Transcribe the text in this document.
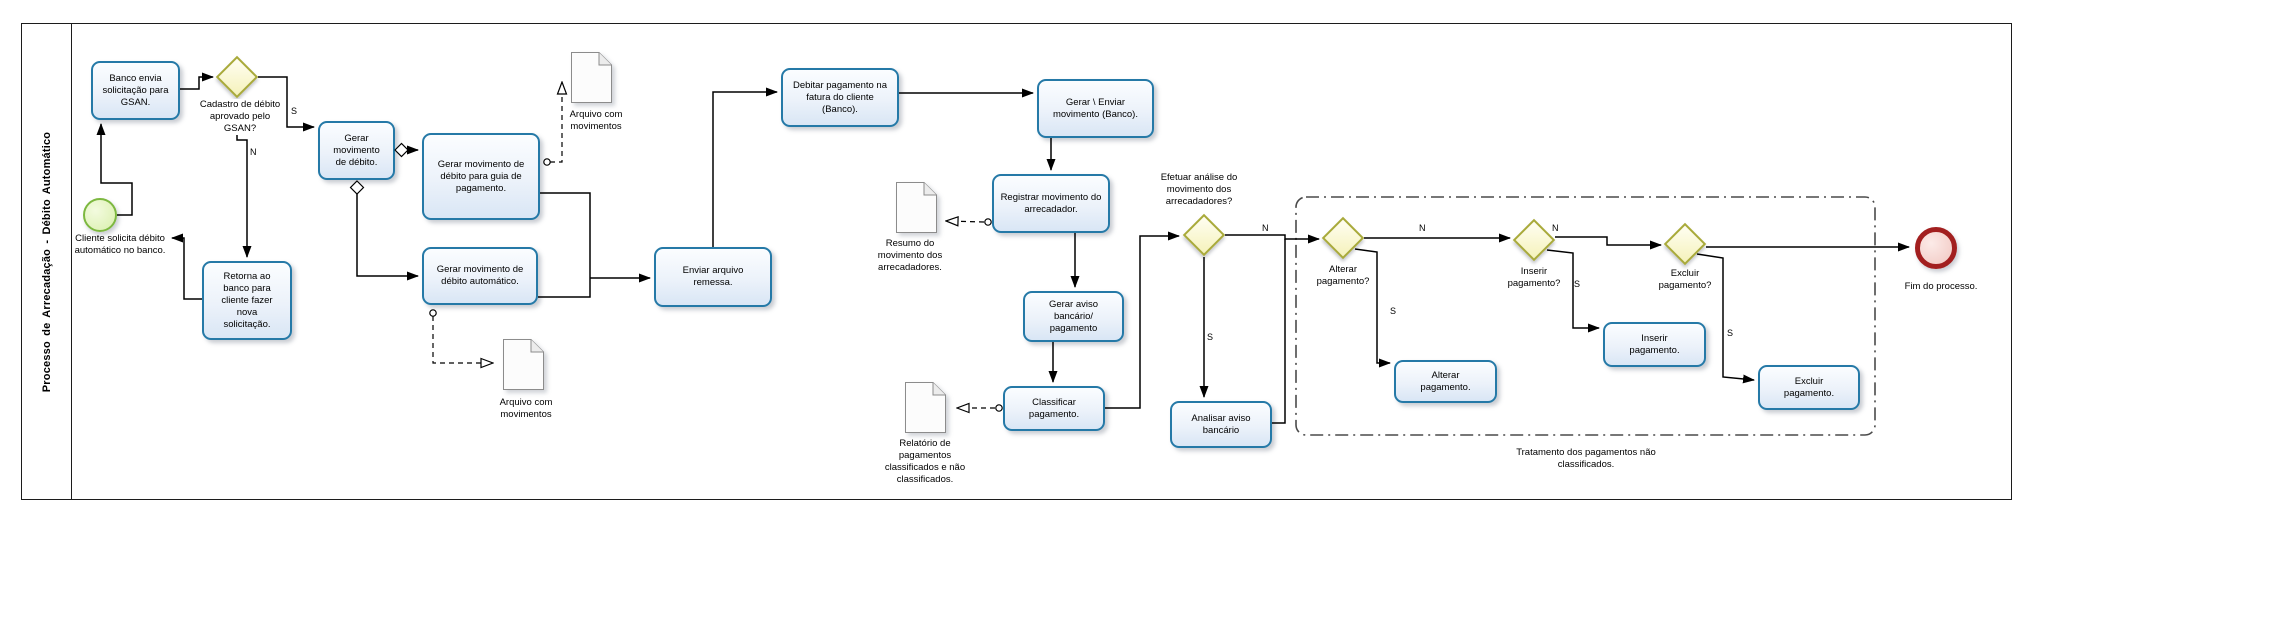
Processo de Arrecadação - Débito Automático
Banco envia solicitação para GSAN.
Retorna ao banco para cliente fazer nova solicitação.
Gerar movimento de débito.	Gerar movimento de débito para guia de pagamento.
Gerar movimento de débito automático.
Enviar arquivo remessa.
Debitar pagamento na fatura do cliente (Banco).
Gerar \ Enviar movimento (Banco).
Registrar movimento do arrecadador.
Gerar aviso bancário/ pagamento
Classificar pagamento.	Analisar aviso bancário
Alterar pagamento.
Inserir pagamento.
Excluir pagamento.
Cliente solicita débito automático no banco.
Cadastro de débito aprovado pelo GSAN?
Efetuar análise do movimento dos arrecadadores?
Alterar pagamento?
Inserir pagamento?
Excluir pagamento?
Arquivo com movimentos
Arquivo com movimentos
Resumo do movimento dos arrecadadores.
Relatório de pagamentos classificados e não classificados.
Fim do processo.
Tratamento dos pagamentos não classificados.
S
N
S
N
S
N
S
N
S
